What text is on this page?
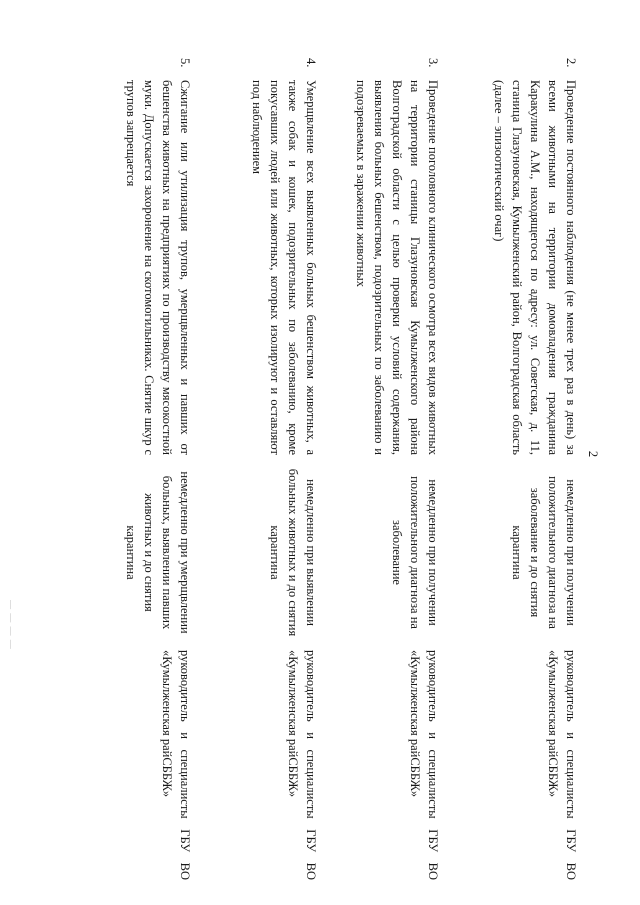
2
2.
Проведение постоянного наблюдения (не менее трех раз в день) за всеми животными на территории домовладения гражданина Каракулина А.М., находящегося по адресу: ул. Советская, д. 11, станица Глазуновская, Кумылженский район, Волгоградская область (далее – эпизоотический очаг)
немедленно при получении положительного диагноза на заболевание и до снятия карантина
руководитель и специалисты ГБУ ВО «Кумылженская райСББЖ»
3.
Проведение поголовного клинического осмотра всех видов животных на территории станицы Глазуновская Кумылженского района Волгоградской области с целью проверки условий содержания, выявления больных бешенством, подозрительных по заболеванию и подозреваемых в заражении животных
немедленно при получении положительного диагноза на заболевание
руководитель и специалисты ГБУ ВО «Кумылженская райСББЖ»
4.
Умерщвление всех выявленных больных бешенством животных, а также собак и кошек, подозрительных по заболеванию, кроме покусавших людей или животных, которых изолируют и оставляют под наблюдением
немедленно при выявлении больных животных и до снятия карантина
руководитель и специалисты ГБУ ВО «Кумылженская райСББЖ»
5.
Сжигание или утилизация трупов, умерщвленных и павших от бешенства животных на предприятиях по производству мясокостной муки. Допускается захоронение на скотомогильниках. Снятие шкур с трупов запрещается
немедленно при умерщвлении больных, выявлении павших животных и до снятия карантина
руководитель и специалисты ГБУ ВО «Кумылженская райСББЖ»
— — — —
